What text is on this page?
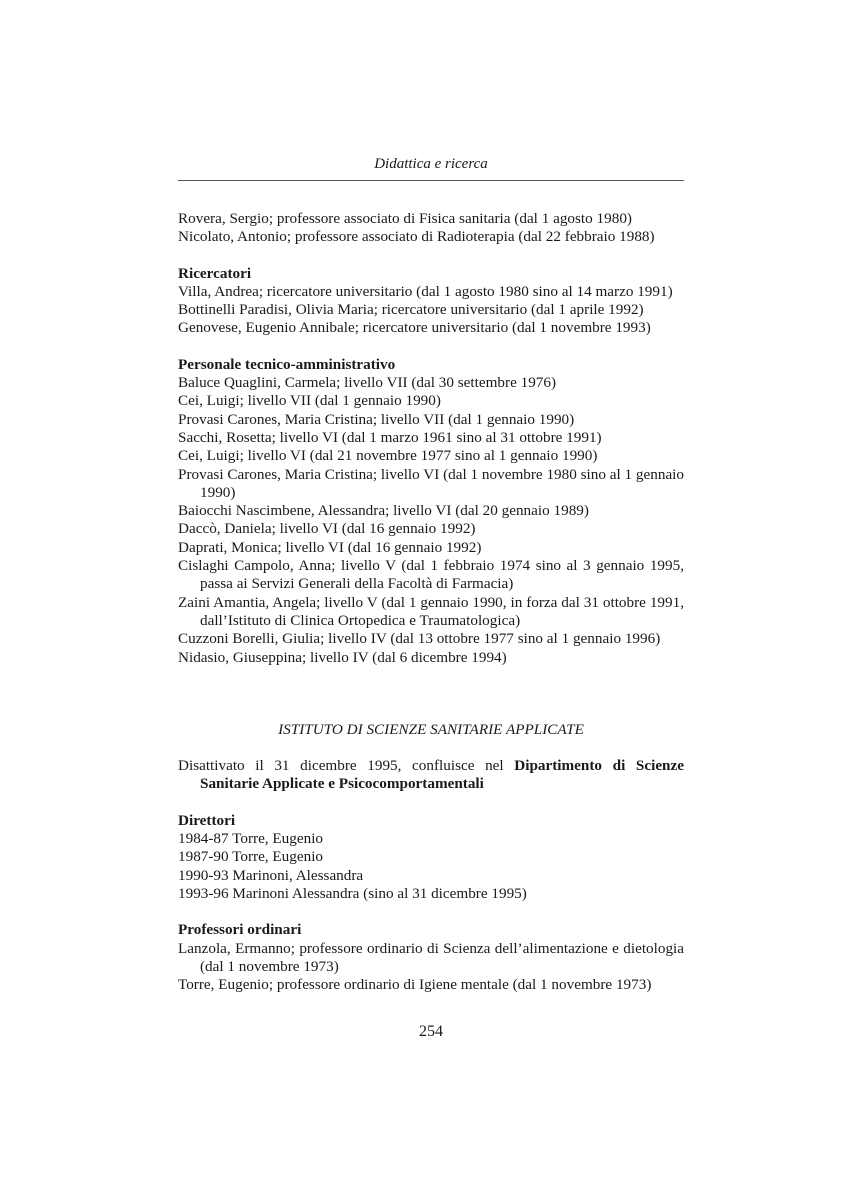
Didattica e ricerca
Rovera, Sergio; professore associato di Fisica sanitaria (dal 1 agosto 1980)
Nicolato, Antonio; professore associato di Radioterapia (dal 22 febbraio 1988)
Ricercatori
Villa, Andrea; ricercatore universitario (dal 1 agosto 1980 sino al 14 marzo 1991)
Bottinelli Paradisi, Olivia Maria; ricercatore universitario (dal 1 aprile 1992)
Genovese, Eugenio Annibale; ricercatore universitario (dal 1 novembre 1993)
Personale tecnico-amministrativo
Baluce Quaglini, Carmela; livello VII (dal 30 settembre 1976)
Cei, Luigi; livello VII (dal 1 gennaio 1990)
Provasi Carones, Maria Cristina; livello VII (dal 1 gennaio 1990)
Sacchi, Rosetta; livello VI (dal 1 marzo 1961 sino al 31 ottobre 1991)
Cei, Luigi; livello VI (dal 21 novembre 1977 sino al 1 gennaio 1990)
Provasi Carones, Maria Cristina; livello VI (dal 1 novembre 1980 sino al 1 gennaio 1990)
Baiocchi Nascimbene, Alessandra; livello VI (dal 20 gennaio 1989)
Daccò, Daniela; livello VI (dal 16 gennaio 1992)
Daprati, Monica; livello VI (dal 16 gennaio 1992)
Cislaghi Campolo, Anna; livello V (dal 1 febbraio 1974 sino al 3 gennaio 1995, passa ai Servizi Generali della Facoltà di Farmacia)
Zaini Amantia, Angela; livello V (dal 1 gennaio 1990, in forza dal 31 ottobre 1991, dall’Istituto di Clinica Ortopedica e Traumatologica)
Cuzzoni Borelli, Giulia; livello IV (dal 13 ottobre 1977 sino al 1 gennaio 1996)
Nidasio, Giuseppina; livello IV (dal 6 dicembre 1994)
ISTITUTO DI SCIENZE SANITARIE APPLICATE
Disattivato il 31 dicembre 1995, confluisce nel Dipartimento di Scienze Sanitarie Applicate e Psicocomportamentali
Direttori
1984-87 Torre, Eugenio
1987-90 Torre, Eugenio
1990-93 Marinoni, Alessandra
1993-96 Marinoni Alessandra (sino al 31 dicembre 1995)
Professori ordinari
Lanzola, Ermanno; professore ordinario di Scienza dell’alimentazione e dietologia (dal 1 novembre 1973)
Torre, Eugenio; professore ordinario di Igiene mentale (dal 1 novembre 1973)
254
